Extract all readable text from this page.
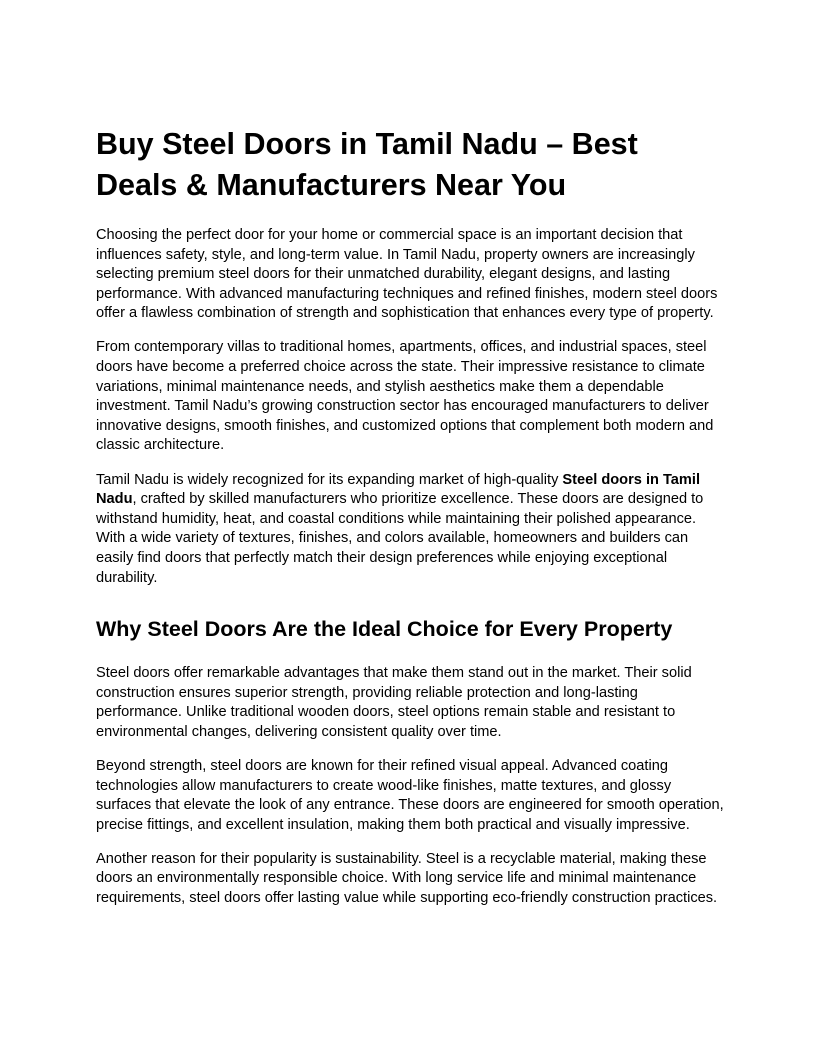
Buy Steel Doors in Tamil Nadu – Best Deals & Manufacturers Near You

Choosing the perfect door for your home or commercial space is an important decision that influences safety, style, and long-term value. In Tamil Nadu, property owners are increasingly selecting premium steel doors for their unmatched durability, elegant designs, and lasting performance. With advanced manufacturing techniques and refined finishes, modern steel doors offer a flawless combination of strength and sophistication that enhances every type of property.

From contemporary villas to traditional homes, apartments, offices, and industrial spaces, steel doors have become a preferred choice across the state. Their impressive resistance to climate variations, minimal maintenance needs, and stylish aesthetics make them a dependable investment. Tamil Nadu’s growing construction sector has encouraged manufacturers to deliver innovative designs, smooth finishes, and customized options that complement both modern and classic architecture.

Tamil Nadu is widely recognized for its expanding market of high-quality Steel doors in Tamil Nadu, crafted by skilled manufacturers who prioritize excellence. These doors are designed to withstand humidity, heat, and coastal conditions while maintaining their polished appearance. With a wide variety of textures, finishes, and colors available, homeowners and builders can easily find doors that perfectly match their design preferences while enjoying exceptional durability.

Why Steel Doors Are the Ideal Choice for Every Property

Steel doors offer remarkable advantages that make them stand out in the market. Their solid construction ensures superior strength, providing reliable protection and long-lasting performance. Unlike traditional wooden doors, steel options remain stable and resistant to environmental changes, delivering consistent quality over time.

Beyond strength, steel doors are known for their refined visual appeal. Advanced coating technologies allow manufacturers to create wood-like finishes, matte textures, and glossy surfaces that elevate the look of any entrance. These doors are engineered for smooth operation, precise fittings, and excellent insulation, making them both practical and visually impressive.

Another reason for their popularity is sustainability. Steel is a recyclable material, making these doors an environmentally responsible choice. With long service life and minimal maintenance requirements, steel doors offer lasting value while supporting eco-friendly construction practices.
